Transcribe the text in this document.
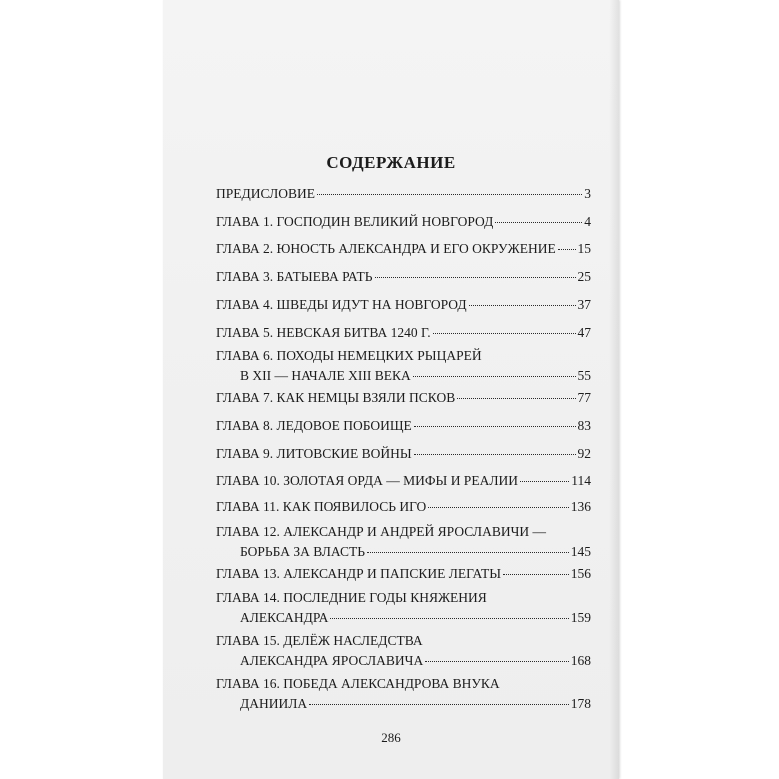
СОДЕРЖАНИЕ
ПРЕДИСЛОВИЕ	3
ГЛАВА 1. ГОСПОДИН ВЕЛИКИЙ НОВГОРОД	4
ГЛАВА 2. ЮНОСТЬ АЛЕКСАНДРА И ЕГО ОКРУЖЕНИЕ 15
ГЛАВА 3. БАТЫЕВА РАТЬ	25
ГЛАВА 4. ШВЕДЫ ИДУТ НА НОВГОРОД	37
ГЛАВА 5. НЕВСКАЯ БИТВА 1240 Г.	47
ГЛАВА 6. ПОХОДЫ НЕМЕЦКИХ РЫЦАРЕЙ
В XII — НАЧАЛЕ XIII ВЕКА	55
ГЛАВА 7. КАК НЕМЦЫ ВЗЯЛИ ПСКОВ	77
ГЛАВА 8. ЛЕДОВОЕ ПОБОИЩЕ	83
ГЛАВА 9. ЛИТОВСКИЕ ВОЙНЫ	92
ГЛАВА 10. ЗОЛОТАЯ ОРДА — МИФЫ И РЕАЛИИ	114
ГЛАВА 11. КАК ПОЯВИЛОСЬ ИГО	136
ГЛАВА 12. АЛЕКСАНДР И АНДРЕЙ ЯРОСЛАВИЧИ —
БОРЬБА ЗА ВЛАСТЬ	145
ГЛАВА 13. АЛЕКСАНДР И ПАПСКИЕ ЛЕГАТЫ	156
ГЛАВА 14. ПОСЛЕДНИЕ ГОДЫ КНЯЖЕНИЯ
АЛЕКСАНДРА	159
ГЛАВА 15. ДЕЛЁЖ НАСЛЕДСТВА
АЛЕКСАНДРА ЯРОСЛАВИЧА	168
ГЛАВА 16. ПОБЕДА АЛЕКСАНДРОВА ВНУКА
ДАНИИЛА	178
286
